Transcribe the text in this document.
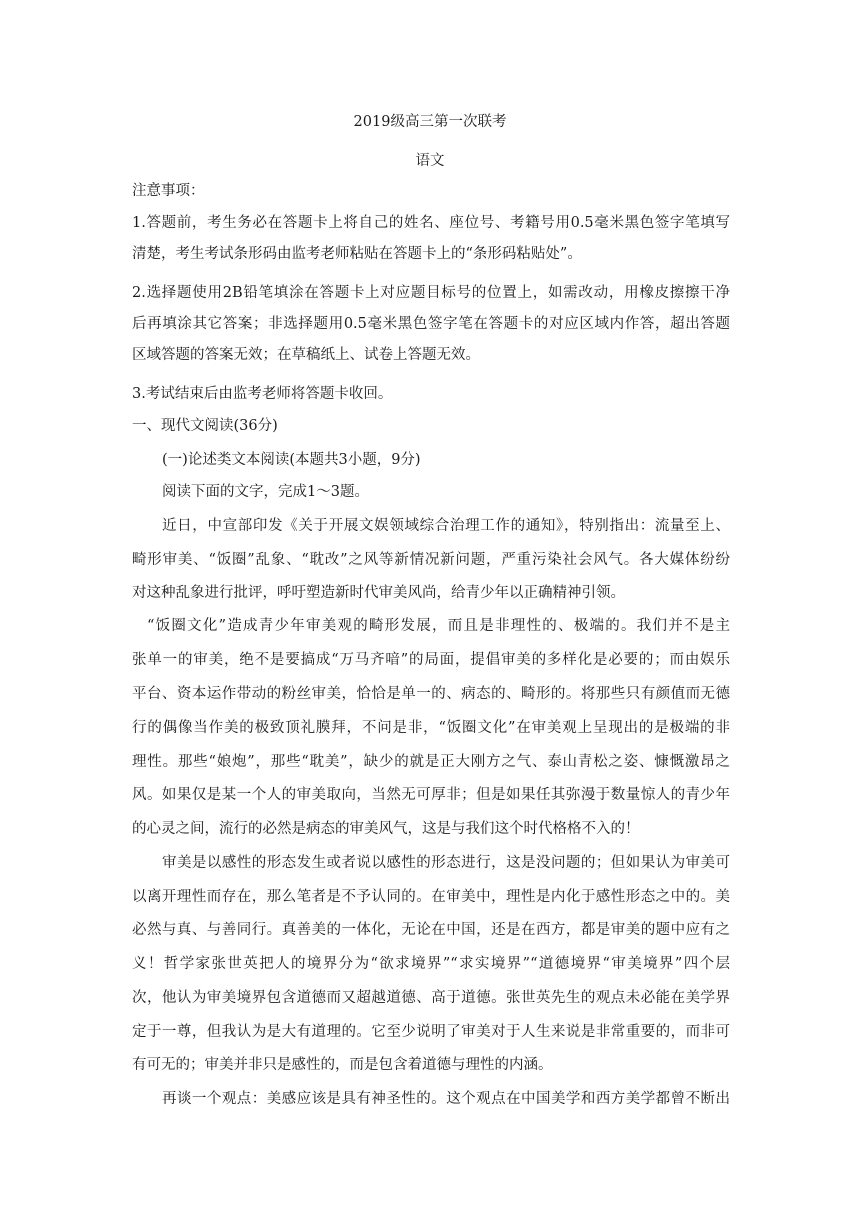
2019级高三第一次联考
语文
注意事项：
1.答题前，考生务必在答题卡上将自己的姓名、座位号、考籍号用0.5毫米黑色签字笔填写
清楚，考生考试条形码由监考老师粘贴在答题卡上的“条形码粘贴处”。
2.选择题使用2B铅笔填涂在答题卡上对应题目标号的位置上，如需改动，用橡皮擦擦干净
后再填涂其它答案；非选择题用0.5毫米黑色签字笔在答题卡的对应区域内作答，超出答题
区域答题的答案无效；在草稿纸上、试卷上答题无效。
3.考试结束后由监考老师将答题卡收回。
一、现代文阅读(36分)
(一)论述类文本阅读(本题共3小题，9分)
阅读下面的文字，完成1～3题。
近日，中宣部印发《关于开展文娱领域综合治理工作的通知》，特别指出：流量至上、
畸形审美、“饭圈”乱象、“耽改”之风等新情况新问题，严重污染社会风气。各大媒体纷纷
对这种乱象进行批评，呼吁塑造新时代审美风尚，给青少年以正确精神引领。
“饭圈文化”造成青少年审美观的畸形发展，而且是非理性的、极端的。我们并不是主
张单一的审美，绝不是要搞成“万马齐喑”的局面，提倡审美的多样化是必要的；而由娱乐
平台、资本运作带动的粉丝审美，恰恰是单一的、病态的、畸形的。将那些只有颜值而无德
行的偶像当作美的极致顶礼膜拜，不问是非，“饭圈文化”在审美观上呈现出的是极端的非
理性。那些“娘炮”，那些“耽美”，缺少的就是正大刚方之气、泰山青松之姿、慷慨激昂之
风。如果仅是某一个人的审美取向，当然无可厚非；但是如果任其弥漫于数量惊人的青少年
的心灵之间，流行的必然是病态的审美风气，这是与我们这个时代格格不入的！
审美是以感性的形态发生或者说以感性的形态进行，这是没问题的；但如果认为审美可
以离开理性而存在，那么笔者是不予认同的。在审美中，理性是内化于感性形态之中的。美
必然与真、与善同行。真善美的一体化，无论在中国，还是在西方，都是审美的题中应有之
义！哲学家张世英把人的境界分为“欲求境界”“求实境界”“道德境界“审美境界”四个层
次，他认为审美境界包含道德而又超越道德、高于道德。张世英先生的观点未必能在美学界
定于一尊，但我认为是大有道理的。它至少说明了审美对于人生来说是非常重要的，而非可
有可无的；审美并非只是感性的，而是包含着道德与理性的内涵。
再谈一个观点：美感应该是具有神圣性的。这个观点在中国美学和西方美学都曾不断出
